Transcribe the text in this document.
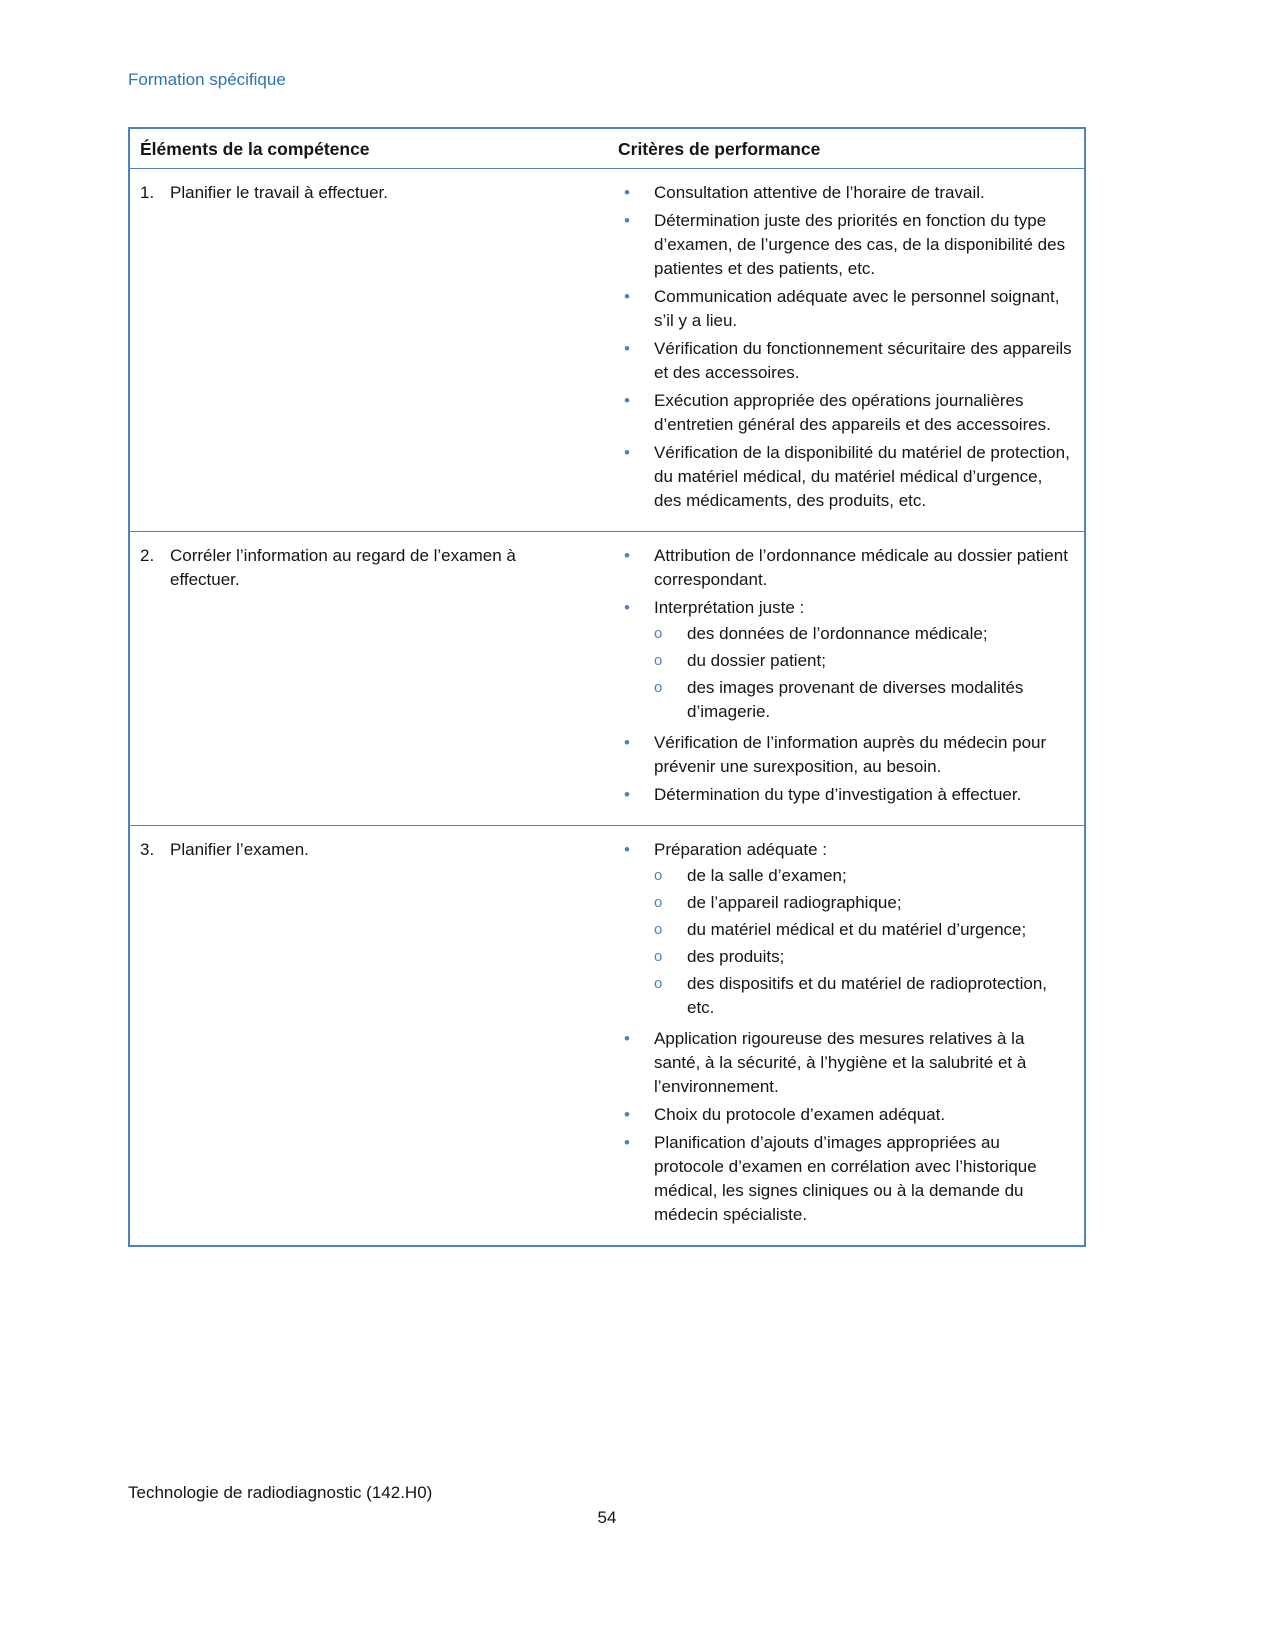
Formation spécifique
Éléments de la compétence	Critères de performance
1. Planifier le travail à effectuer.	•	Consultation attentive de l’horaire de travail.
•	Détermination juste des priorités en fonction du type d’examen, de l’urgence des cas, de la disponibilité des patientes et des patients, etc.
•	Communication adéquate avec le personnel soignant, s’il y a lieu.
•	Vérification du fonctionnement sécuritaire des appareils et des accessoires.
•	Exécution appropriée des opérations journalières d’entretien général des appareils et des accessoires.
•	Vérification de la disponibilité du matériel de protection, du matériel médical, du matériel médical d’urgence, des médicaments, des produits, etc.
2. Corréler l’information au regard de l’examen à effectuer.
•	Attribution de l’ordonnance médicale au dossier patient correspondant.
•	Interprétation juste :
o	des données de l’ordonnance médicale;
o	du dossier patient;
o	des images provenant de diverses modalités d’imagerie.
•	Vérification de l’information auprès du médecin pour prévenir une surexposition, au besoin.
•	Détermination du type d’investigation à effectuer.
3. Planifier l’examen.	•	Préparation adéquate :
o	de la salle d’examen;
o	de l’appareil radiographique;
o	du matériel médical et du matériel d’urgence;
o	des produits;
o	des dispositifs et du matériel de radioprotection, etc.
•	Application rigoureuse des mesures relatives à la santé, à la sécurité, à l’hygiène et la salubrité et à l’environnement.
•	Choix du protocole d’examen adéquat.
•	Planification d’ajouts d’images appropriées au protocole d’examen en corrélation avec l’historique médical, les signes cliniques ou à la demande du médecin spécialiste.
Technologie de radiodiagnostic (142.H0)
54
